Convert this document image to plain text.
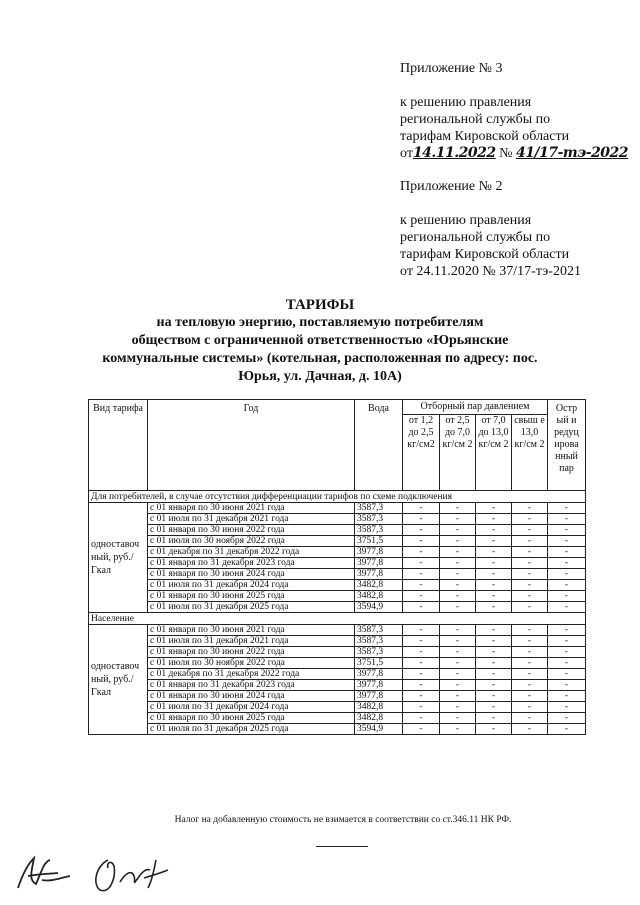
Приложение № 3
к решению правления
региональной службы по
тарифам Кировской области
от14.11.2022 № 41/17-тэ-2022
Приложение № 2
к решению правления
региональной службы по
тарифам Кировской области
от 24.11.2020 № 37/17-тэ-2021
ТАРИФЫ
на тепловую энергию, поставляемую потребителям
обществом с ограниченной ответственностью «Юрьянские
коммунальные системы» (котельная, расположенная по адресу: пос.
Юрья, ул. Дачная, д. 10А)
Вид тарифа	Год	Вода	Отборный пар давлением				Остр ый и редуц ирова нный пар
			от 1,2 до 2,5 кг/см2	от 2,5 до 7,0 кг/см 2	от 7,0 до 13,0 кг/см 2	свыш е 13,0 кг/см 2	
Для потребителей, в случае отсутствия дифференциации тарифов по схеме подключения							
одноставоч ный, руб./Гкал	с 01 января по 30 июня 2021 года	3587,3	-	-	-	-	-
	с 01 июля по 31 декабря 2021 года	3587,3	-	-	-	-	-
	с 01 января по 30 июня 2022 года	3587,3	-	-	-	-	-
	с 01 июля по 30 ноября 2022 года	3751,5	-	-	-	-	-
	с 01 декабря по 31 декабря 2022 года	3977,8	-	-	-	-	-
	с 01 января по 31 декабря 2023 года	3977,8	-	-	-	-	-
	с 01 января по 30 июня 2024 года	3977,8	-	-	-	-	-
	с 01 июля по 31 декабря 2024 года	3482,8	-	-	-	-	-
	с 01 января по 30 июня 2025 года	3482,8	-	-	-	-	-
	с 01 июля по 31 декабря 2025 года	3594,9	-	-	-	-	-
Население							
одноставоч ный, руб./Гкал	с 01 января по 30 июня 2021 года	3587,3	-	-	-	-	-
	с 01 июля по 31 декабря 2021 года	3587,3	-	-	-	-	-
	с 01 января по 30 июня 2022 года	3587,3	-	-	-	-	-
	с 01 июля по 30 ноября 2022 года	3751,5	-	-	-	-	-
	с 01 декабря по 31 декабря 2022 года	3977,8	-	-	-	-	-
	с 01 января по 31 декабря 2023 года	3977,8	-	-	-	-	-
	с 01 января по 30 июня 2024 года	3977,8	-	-	-	-	-
	с 01 июля по 31 декабря 2024 года	3482,8	-	-	-	-	-
	с 01 января по 30 июня 2025 года	3482,8	-	-	-	-	-
	с 01 июля по 31 декабря 2025 года	3594,9	-	-	-	-	-
Налог на добавленную стоимость не взимается в соответствии со ст.346.11 НК РФ.
